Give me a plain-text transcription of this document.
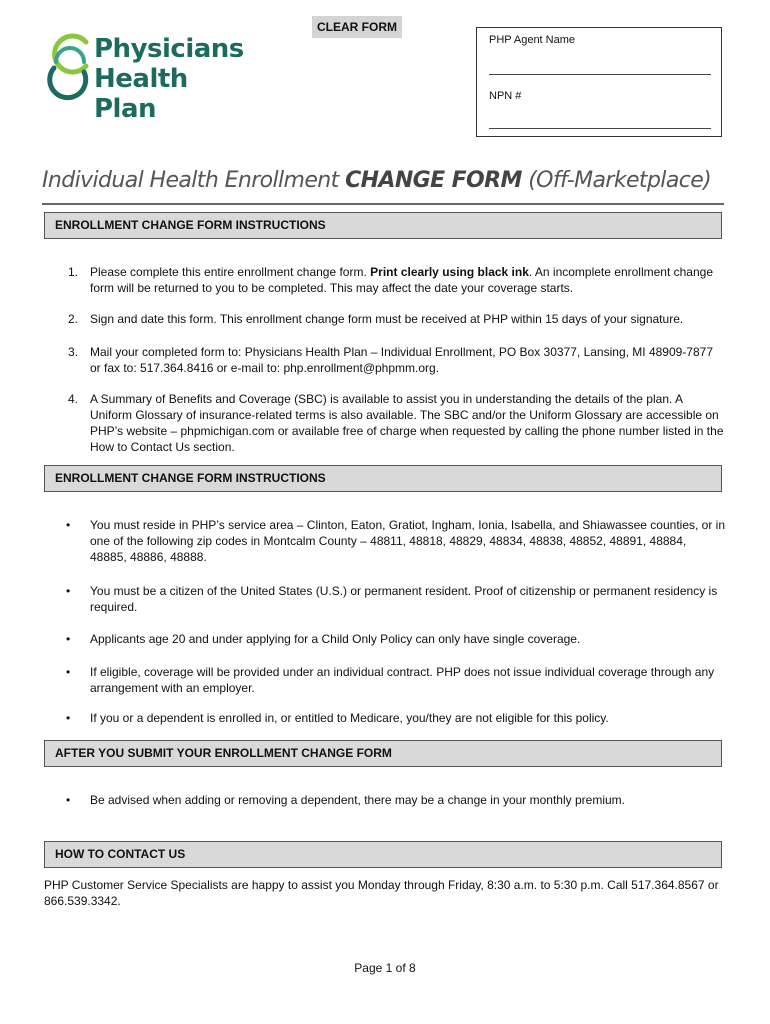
CLEAR FORM
Physicians
Health Plan
PHP Agent Name
NPN #
Individual Health Enrollment CHANGE FORM (Off-Marketplace)
ENROLLMENT CHANGE FORM INSTRUCTIONS
1. Please complete this entire enrollment change form. Print clearly using black ink. An incomplete enrollment change form will be returned to you to be completed. This may affect the date your coverage starts.
2. Sign and date this form. This enrollment change form must be received at PHP within 15 days of your signature.
3. Mail your completed form to: Physicians Health Plan – Individual Enrollment, PO Box 30377, Lansing, MI 48909-7877 or fax to: 517.364.8416 or e-mail to: php.enrollment@phpmm.org.
4. A Summary of Benefits and Coverage (SBC) is available to assist you in understanding the details of the plan. A Uniform Glossary of insurance-related terms is also available. The SBC and/or the Uniform Glossary are accessible on PHP’s website – phpmichigan.com or available free of charge when requested by calling the phone number listed in the How to Contact Us section.
ENROLLMENT CHANGE FORM INSTRUCTIONS
• You must reside in PHP’s service area – Clinton, Eaton, Gratiot, Ingham, Ionia, Isabella, and Shiawassee counties, or in one of the following zip codes in Montcalm County – 48811, 48818, 48829, 48834, 48838, 48852, 48891, 48884, 48885, 48886, 48888.
• You must be a citizen of the United States (U.S.) or permanent resident. Proof of citizenship or permanent residency is required.
• Applicants age 20 and under applying for a Child Only Policy can only have single coverage.
• If eligible, coverage will be provided under an individual contract. PHP does not issue individual coverage through any arrangement with an employer.
• If you or a dependent is enrolled in, or entitled to Medicare, you/they are not eligible for this policy.
AFTER YOU SUBMIT YOUR ENROLLMENT CHANGE FORM
• Be advised when adding or removing a dependent, there may be a change in your monthly premium.
HOW TO CONTACT US
PHP Customer Service Specialists are happy to assist you Monday through Friday, 8:30 a.m. to 5:30 p.m. Call 517.364.8567 or 866.539.3342.
Page 1 of 8
